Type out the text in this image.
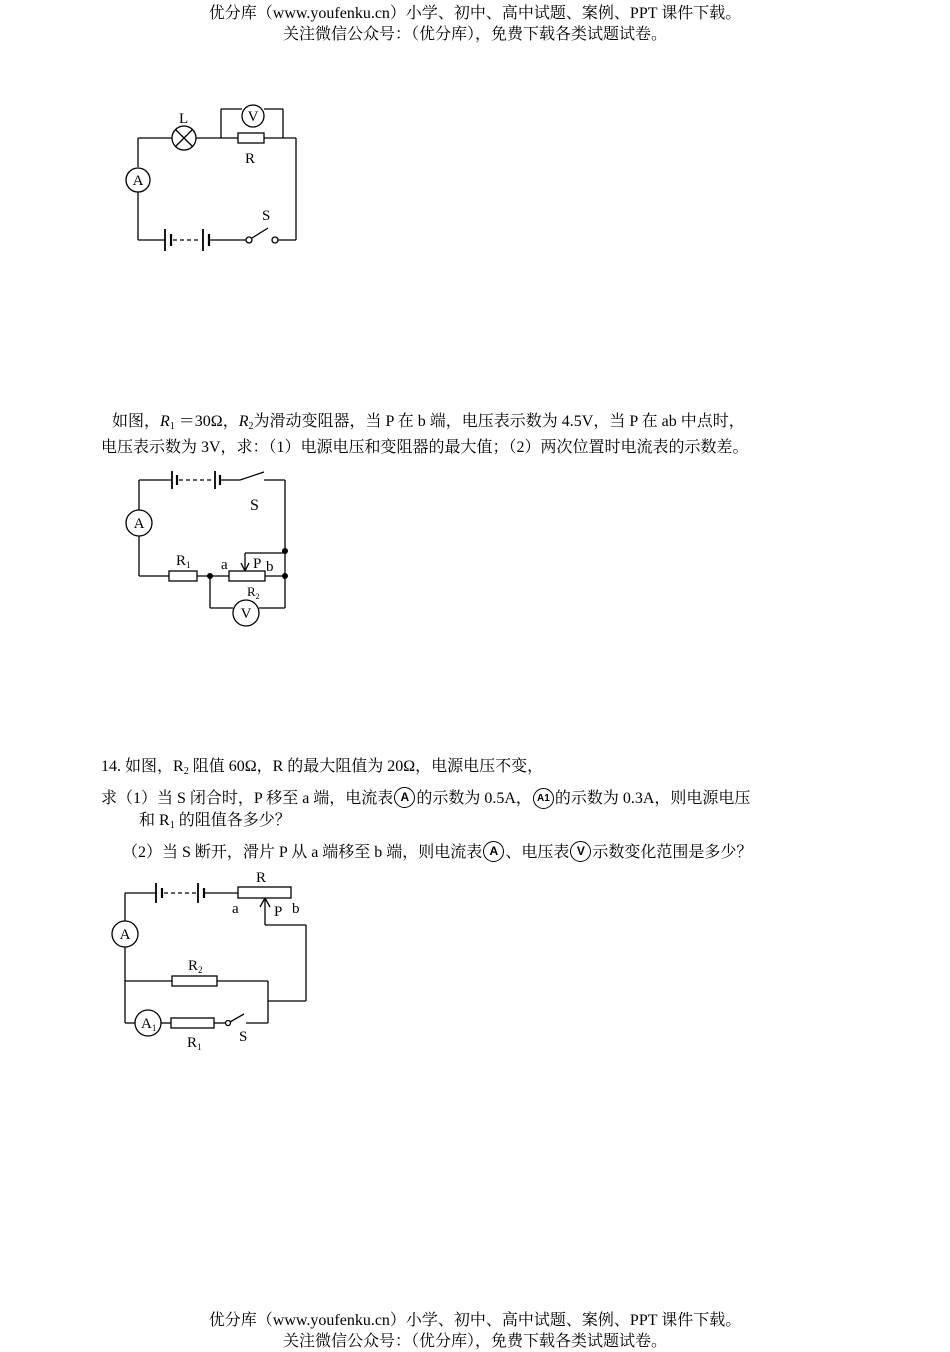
优分库（www.youfenku.cn）小学、初中、高中试题、案例、PPT 课件下载。
关注微信公众号：（优分库），免费下载各类试题试卷。
L	V
R
A
S
如图，$R_1 =30\Omega$，$R_2$为滑动变阻器，当 P 在 b 端，电压表示数为 4.5V，当 P 在 ab 中点时，
电压表示数为 3V，求：（1）电源电压和变阻器的最大值；（2）两次位置时电流表的示数差。
S
A
$R_1$ a P b
$R_2$
V
14. 如图，$R_2$ 阻值 60Ω，R 的最大阻值为 20Ω，电源电压不变，
求（1）当 S 闭合时，P 移至 a 端，电流表 A 的示数为 0.5A， A1 的示数为 0.3A，则电源电压
和 $R_1$ 的阻值各多少？
（2）当 S 断开，滑片 P 从 a 端移至 b 端，则电流表 A 、电压表 V 示数变化范围是多少？
R
a P b
A
$R_2$
$A_1$
$R_1$
S
优分库（www.youfenku.cn）小学、初中、高中试题、案例、PPT 课件下载。
关注微信公众号：（优分库），免费下载各类试题试卷。
